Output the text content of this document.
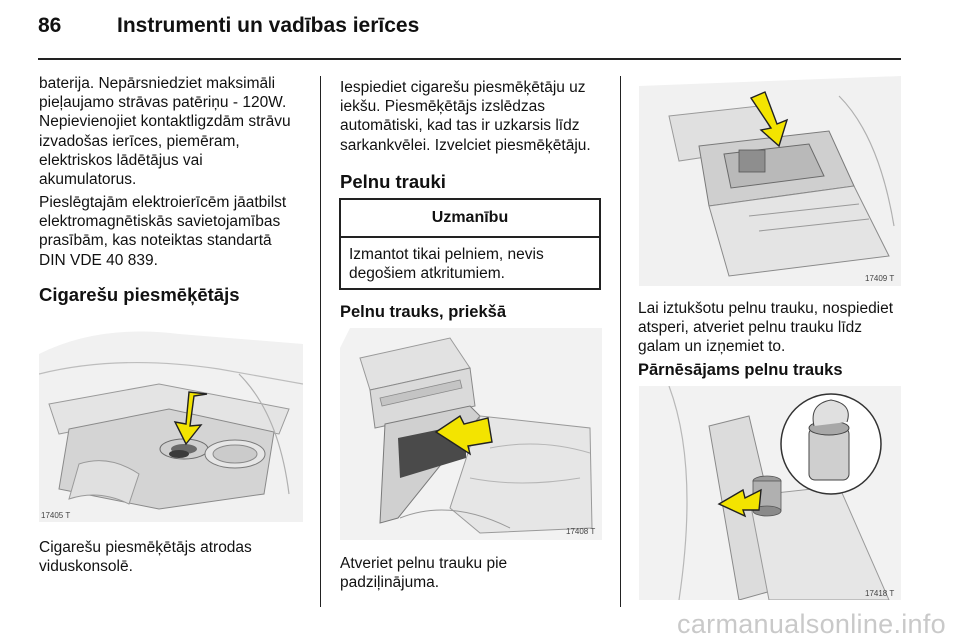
86	Instrumenti un vadības ierīces
baterija. Nepārsniedziet maksimāli
pieļaujamo strāvas patēriņu - 120W.
Nepievienojiet kontaktligzdām strāvu
izvadošas ierīces, piemēram,
elektriskos lādētājus vai
akumulatorus.
Pieslēgtajām elektroierīcēm jāatbilst
elektromagnētiskās savietojamības
prasībām, kas noteiktas standartā
DIN VDE 40 839.
Cigarešu piesmēķētājs
17405 T
Cigarešu piesmēķētājs atrodas
viduskonsolē.
Iespiediet cigarešu piesmēķētāju uz
iekšu. Piesmēķētājs izslēdzas
automātiski, kad tas ir uzkarsis līdz
sarkankvēlei. Izvelciet piesmēķētāju.
Pelnu trauki
Uzmanību
Izmantot tikai pelniem, nevis
degošiem atkritumiem.
Pelnu trauks, priekšā
17408 T
Atveriet pelnu trauku pie
padziļinājuma.
17409 T
Lai iztukšotu pelnu trauku, nospiediet
atsperi, atveriet pelnu trauku līdz
galam un izņemiet to.
Pārnēsājams pelnu trauks
17418 T
carmanualsonline.info
